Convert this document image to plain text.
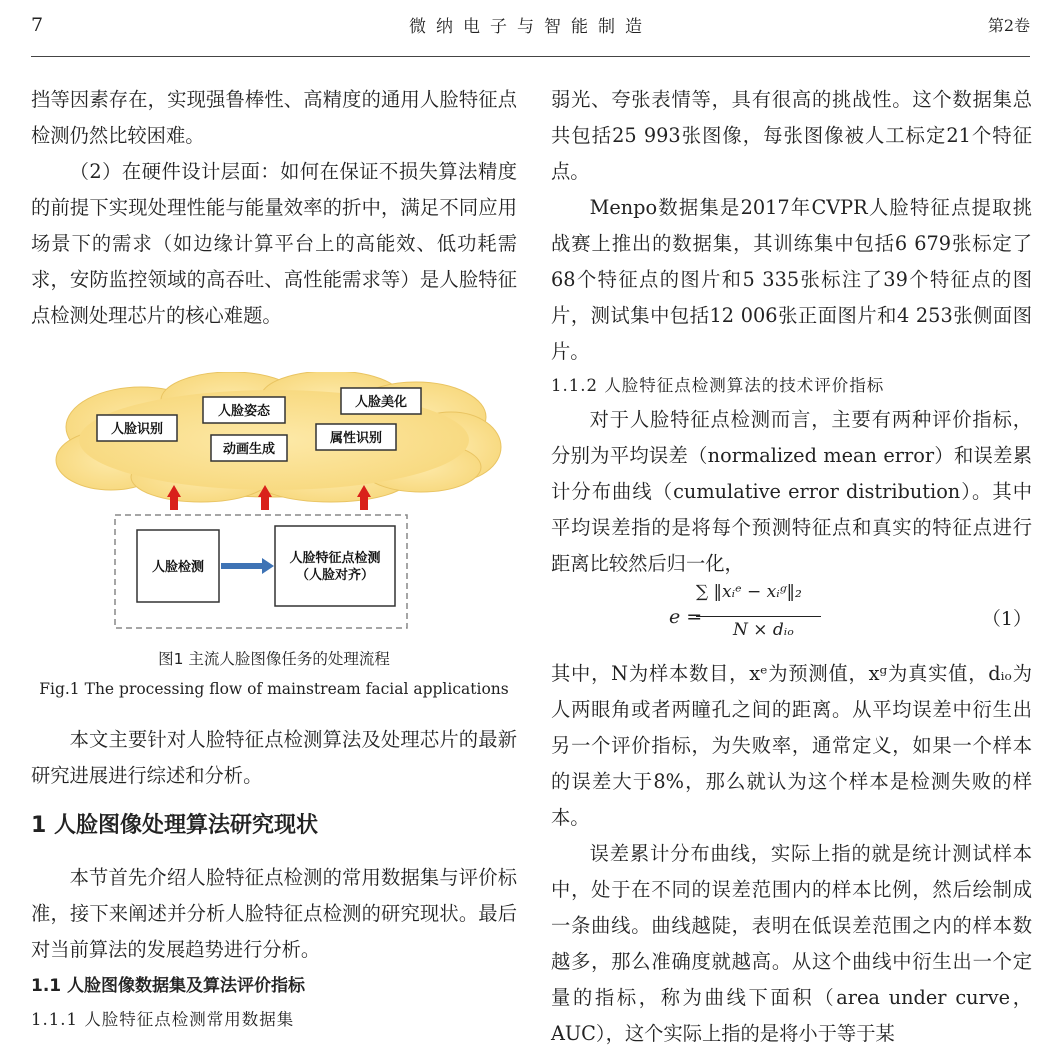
7	微纳电子与智能制造	第2卷

挡等因素存在，实现强鲁棒性、高精度的通用人脸特征点检测仍然比较困难。

（2）在硬件设计层面：如何在保证不损失算法精度的前提下实现处理性能与能量效率的折中，满足不同应用场景下的需求（如边缘计算平台上的高能效、低功耗需求，安防监控领域的高吞吐、高性能需求等）是人脸特征点检测处理芯片的核心难题。

人脸识别
人脸姿态
人脸美化
动画生成
属性识别
人脸检测
人脸特征点检测
（人脸对齐）
图1 主流人脸图像任务的处理流程
Fig.1 The processing flow of mainstream facial applications

本文主要针对人脸特征点检测算法及处理芯片的最新研究进展进行综述和分析。

1 人脸图像处理算法研究现状

本节首先介绍人脸特征点检测的常用数据集与评价标准，接下来阐述并分析人脸特征点检测的研究现状。最后对当前算法的发展趋势进行分析。

1.1 人脸图像数据集及算法评价指标
1.1.1 人脸特征点检测常用数据集

弱光、夸张表情等，具有很高的挑战性。这个数据集总共包括25 993张图像，每张图像被人工标定21个特征点。

Menpo数据集是2017年CVPR人脸特征点提取挑战赛上推出的数据集，其训练集中包括6 679张标定了68个特征点的图片和5 335张标注了39个特征点的图片，测试集中包括12 006张正面图片和4 253张侧面图片。

1.1.2 人脸特征点检测算法的技术评价指标

对于人脸特征点检测而言，主要有两种评价指标，分别为平均误差（normalized mean error）和误差累计分布曲线（cumulative error distribution）。其中平均误差指的是将每个预测特征点和真实的特征点进行距离比较然后归一化，

e =
∑ ‖xᵢᵉ − xᵢᵍ‖₂
N × dᵢₒ	（1）

其中，N为样本数目，xᵉ为预测值，xᵍ为真实值，dᵢₒ为人两眼角或者两瞳孔之间的距离。从平均误差中衍生出另一个评价指标，为失败率，通常定义，如果一个样本的误差大于8%，那么就认为这个样本是检测失败的样本。

误差累计分布曲线，实际上指的就是统计测试样本中，处于在不同的误差范围内的样本比例，然后绘制成一条曲线。曲线越陡，表明在低误差范围之内的样本数越多，那么准确度就越高。从这个曲线中衍生出一个定量的指标，称为曲线下面积（area under curve，AUC），这个实际上指的是将小于等于某
